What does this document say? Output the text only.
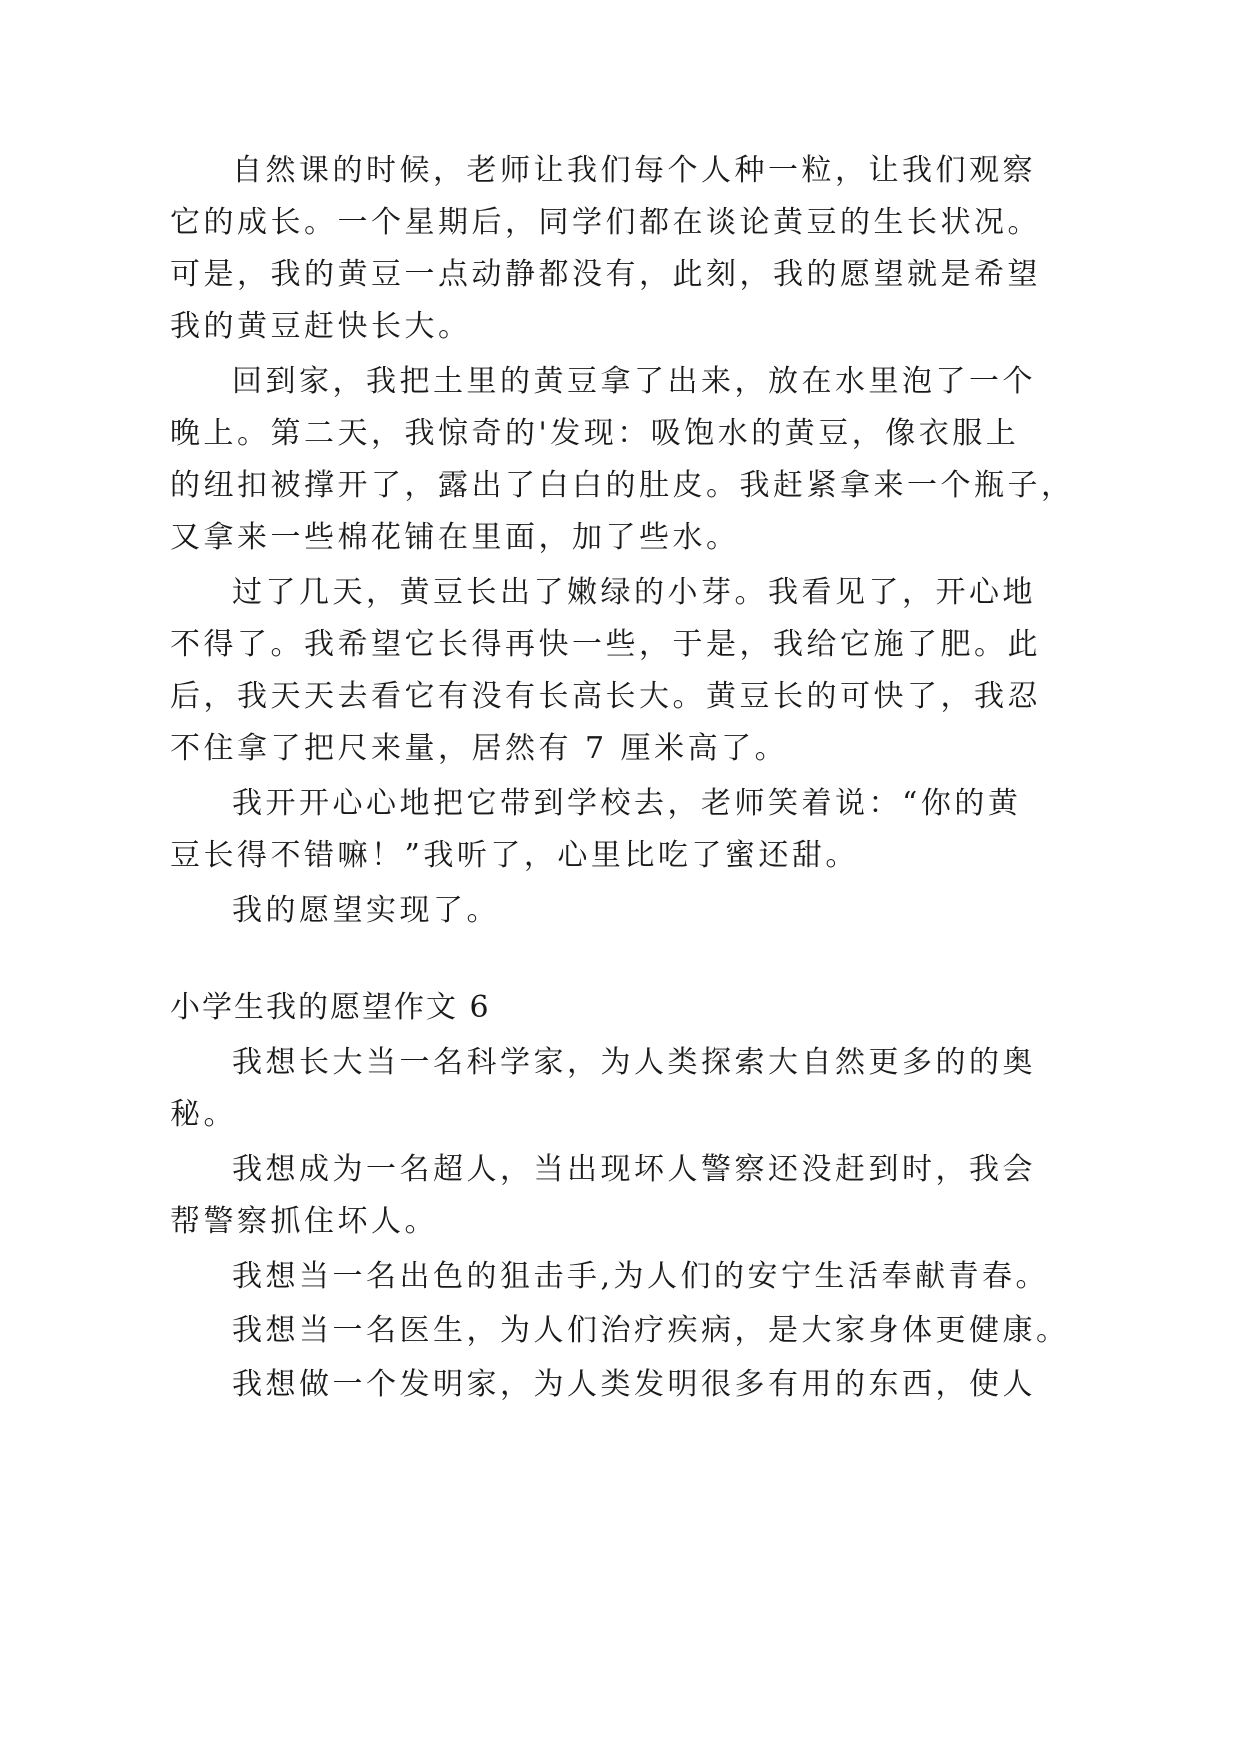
自然课的时候，老师让我们每个人种一粒，让我们观察

它的成长。一个星期后，同学们都在谈论黄豆的生长状况。

可是，我的黄豆一点动静都没有，此刻，我的愿望就是希望

我的黄豆赶快长大。

回到家，我把土里的黄豆拿了出来，放在水里泡了一个

晚上。第二天，我惊奇的'发现：吸饱水的黄豆，像衣服上

的纽扣被撑开了，露出了白白的肚皮。我赶紧拿来一个瓶子，

又拿来一些棉花铺在里面，加了些水。

过了几天，黄豆长出了嫩绿的小芽。我看见了，开心地

不得了。我希望它长得再快一些，于是，我给它施了肥。此

后，我天天去看它有没有长高长大。黄豆长的可快了，我忍

不住拿了把尺来量，居然有 7 厘米高了。

我开开心心地把它带到学校去，老师笑着说：“你的黄

豆长得不错嘛！”我听了，心里比吃了蜜还甜。

我的愿望实现了。

小学生我的愿望作文 6

我想长大当一名科学家，为人类探索大自然更多的的奥

秘。

我想成为一名超人，当出现坏人警察还没赶到时，我会

帮警察抓住坏人。

我想当一名出色的狙击手,为人们的安宁生活奉献青春。

我想当一名医生，为人们治疗疾病，是大家身体更健康。

我想做一个发明家，为人类发明很多有用的东西，使人
